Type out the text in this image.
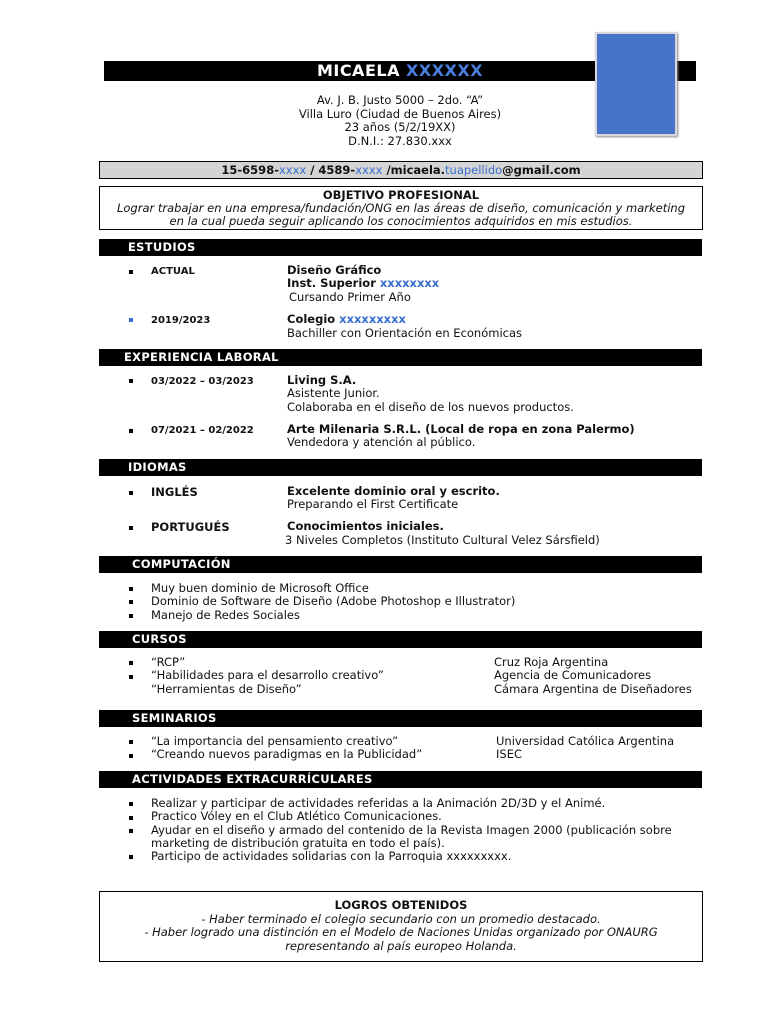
MICAELA XXXXXX
Av. J. B. Justo 5000 – 2do. “A”
Villa Luro (Ciudad de Buenos Aires)
23 años (5/2/19XX)
D.N.I.: 27.830.xxx
15-6598-xxxx / 4589-xxxx /micaela.tuapellido@gmail.com
OBJETIVO PROFESIONAL
Lograr trabajar en una empresa/fundación/ONG en las áreas de diseño, comunicación y marketing
en la cual pueda seguir aplicando los conocimientos adquiridos en mis estudios.
ESTUDIOS
ACTUAL	Diseño Gráfico
Inst. Superior xxxxxxxx
Cursando Primer Año
2019/2023	Colegio xxxxxxxxx
Bachiller con Orientación en Económicas
EXPERIENCIA LABORAL
03/2022 – 03/2023	Living S.A.
Asistente Junior.
Colaboraba en el diseño de los nuevos productos.
07/2021 – 02/2022	Arte Milenaria S.R.L. (Local de ropa en zona Palermo)
Vendedora y atención al público.
IDIOMAS
INGLÉS	Excelente dominio oral y escrito.
Preparando el First Certificate
PORTUGUÉS	Conocimientos iniciales.
3 Niveles Completos (Instituto Cultural Velez Sársfield)
COMPUTACIÓN
Muy buen dominio de Microsoft Office
Dominio de Software de Diseño (Adobe Photoshop e Illustrator)
Manejo de Redes Sociales
CURSOS
“RCP”	Cruz Roja Argentina
“Habilidades para el desarrollo creativo”	Agencia de Comunicadores
“Herramientas de Diseño”	Cámara Argentina de Diseñadores
SEMINARIOS
“La importancia del pensamiento creativo”	Universidad Católica Argentina
“Creando nuevos paradigmas en la Publicidad”	ISEC
ACTIVIDADES EXTRACURRÍCULARES
Realizar y participar de actividades referidas a la Animación 2D/3D y el Animé.
Practico Vóley en el Club Atlético Comunicaciones.
Ayudar en el diseño y armado del contenido de la Revista Imagen 2000 (publicación sobre
marketing de distribución gratuita en todo el país).
Participo de actividades solidarias con la Parroquia xxxxxxxxx.
LOGROS OBTENIDOS
- Haber terminado el colegio secundario con un promedio destacado.
- Haber logrado una distinción en el Modelo de Naciones Unidas organizado por ONAURG
representando al país europeo Holanda.
